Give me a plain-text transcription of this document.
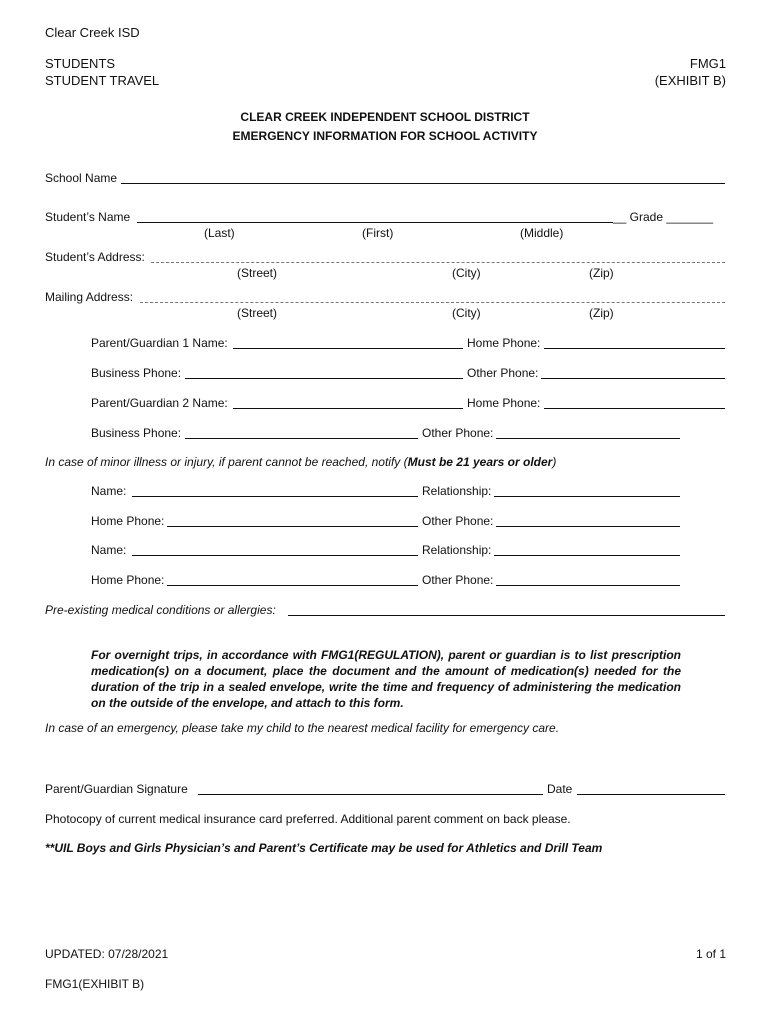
Clear Creek ISD
STUDENTS
STUDENT TRAVEL
FMG1
(EXHIBIT B)
CLEAR CREEK INDEPENDENT SCHOOL DISTRICT
EMERGENCY INFORMATION FOR SCHOOL ACTIVITY
School Name
Student’s Name	__ Grade _______
(Last)	(First)	(Middle)
Student’s Address:
(Street)	(City)	(Zip)
Mailing Address:
(Street)	(City)	(Zip)
Parent/Guardian 1 Name:	Home Phone:
Business Phone:	Other Phone:
Parent/Guardian 2 Name:	Home Phone:
Business Phone:	Other Phone:
In case of minor illness or injury, if parent cannot be reached, notify (Must be 21 years or older)
Name:	Relationship:
Home Phone:	Other Phone:
Name:	Relationship:
Home Phone:	Other Phone:
Pre-existing medical conditions or allergies:
For overnight trips, in accordance with FMG1(REGULATION), parent or guardian is to list prescription medication(s) on a document, place the document and the amount of medication(s) needed for the duration of the trip in a sealed envelope, write the time and frequency of administering the medication on the outside of the envelope, and attach to this form.
In case of an emergency, please take my child to the nearest medical facility for emergency care.
Parent/Guardian Signature	Date
Photocopy of current medical insurance card preferred. Additional parent comment on back please.
**UIL Boys and Girls Physician’s and Parent’s Certificate may be used for Athletics and Drill Team
UPDATED: 07/28/2021	1 of 1
FMG1(EXHIBIT B)
